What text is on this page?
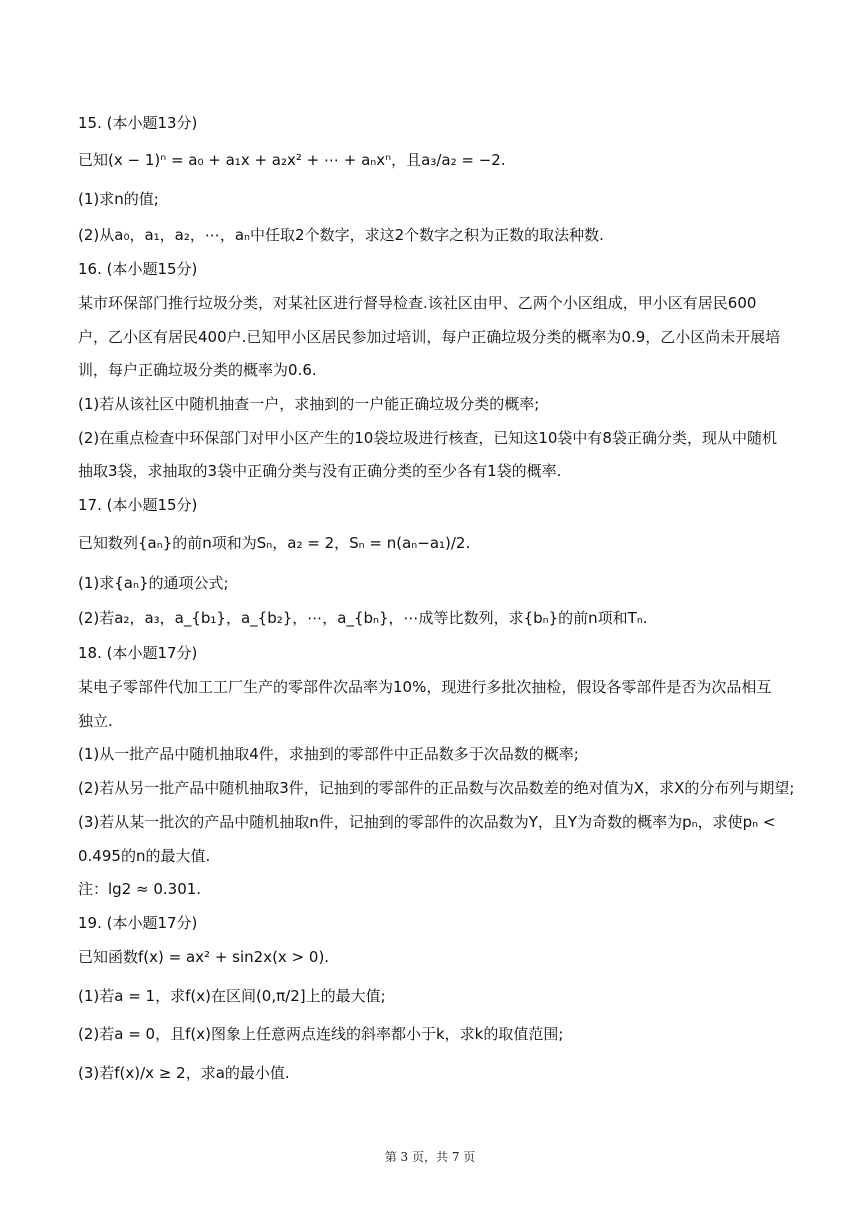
15. (本小题13分)
已知(x − 1)ⁿ = a₀ + a₁x + a₂x² + ⋯ + aₙxⁿ，且a₃/a₂ = −2.
(1)求n的值;
(2)从a₀，a₁，a₂，⋯，aₙ中任取2个数字，求这2个数字之积为正数的取法种数.
16. (本小题15分)
某市环保部门推行垃圾分类，对某社区进行督导检查.该社区由甲、乙两个小区组成，甲小区有居民600
户，乙小区有居民400户.已知甲小区居民参加过培训，每户正确垃圾分类的概率为0.9，乙小区尚未开展培
训，每户正确垃圾分类的概率为0.6.
(1)若从该社区中随机抽查一户，求抽到的一户能正确垃圾分类的概率;
(2)在重点检查中环保部门对甲小区产生的10袋垃圾进行核查，已知这10袋中有8袋正确分类，现从中随机
抽取3袋，求抽取的3袋中正确分类与没有正确分类的至少各有1袋的概率.
17. (本小题15分)
已知数列{aₙ}的前n项和为Sₙ，a₂ = 2，Sₙ = n(aₙ−a₁)/2.
(1)求{aₙ}的通项公式;
(2)若a₂，a₃，a_{b₁}，a_{b₂}，⋯，a_{bₙ}，⋯成等比数列，求{bₙ}的前n项和Tₙ.
18. (本小题17分)
某电子零部件代加工工厂生产的零部件次品率为10%，现进行多批次抽检，假设各零部件是否为次品相互
独立.
(1)从一批产品中随机抽取4件，求抽到的零部件中正品数多于次品数的概率;
(2)若从另一批产品中随机抽取3件，记抽到的零部件的正品数与次品数差的绝对值为X，求X的分布列与期望;
(3)若从某一批次的产品中随机抽取n件，记抽到的零部件的次品数为Y，且Y为奇数的概率为pₙ，求使pₙ <
0.495的n的最大值.
注：lg2 ≈ 0.301.
19. (本小题17分)
已知函数f(x) = ax² + sin2x(x > 0).
(1)若a = 1，求f(x)在区间(0,π/2]上的最大值;
(2)若a = 0，且f(x)图象上任意两点连线的斜率都小于k，求k的取值范围;
(3)若f(x)/x ≥ 2，求a的最小值.
第 3 页，共 7 页
